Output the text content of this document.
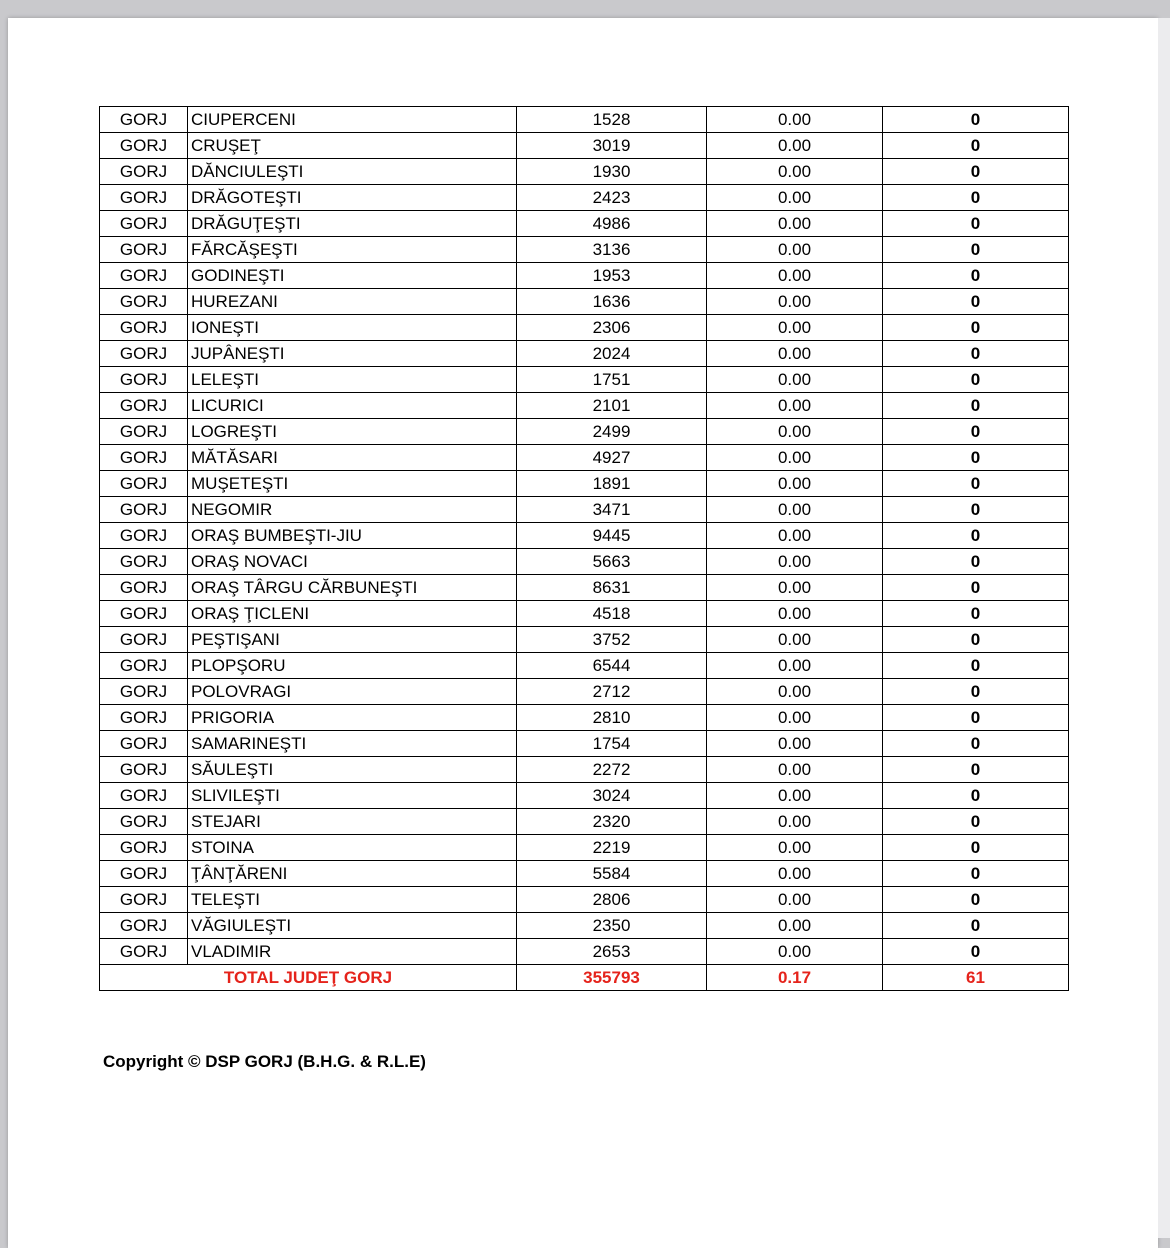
GORJ	CIUPERCENI	1528	0.00	0
GORJ	CRUŞEŢ	3019	0.00	0
GORJ	DĂNCIULEŞTI	1930	0.00	0
GORJ	DRĂGOTEŞTI	2423	0.00	0
GORJ	DRĂGUŢEŞTI	4986	0.00	0
GORJ	FĂRCĂŞEŞTI	3136	0.00	0
GORJ	GODINEŞTI	1953	0.00	0
GORJ	HUREZANI	1636	0.00	0
GORJ	IONEŞTI	2306	0.00	0
GORJ	JUPÂNEŞTI	2024	0.00	0
GORJ	LELEŞTI	1751	0.00	0
GORJ	LICURICI	2101	0.00	0
GORJ	LOGREŞTI	2499	0.00	0
GORJ	MĂTĂSARI	4927	0.00	0
GORJ	MUŞETEŞTI	1891	0.00	0
GORJ	NEGOMIR	3471	0.00	0
GORJ	ORAŞ BUMBEŞTI-JIU	9445	0.00	0
GORJ	ORAŞ NOVACI	5663	0.00	0
GORJ	ORAŞ TÂRGU CĂRBUNEŞTI	8631	0.00	0
GORJ	ORAŞ ŢICLENI	4518	0.00	0
GORJ	PEŞTIŞANI	3752	0.00	0
GORJ	PLOPŞORU	6544	0.00	0
GORJ	POLOVRAGI	2712	0.00	0
GORJ	PRIGORIA	2810	0.00	0
GORJ	SAMARINEŞTI	1754	0.00	0
GORJ	SĂULEŞTI	2272	0.00	0
GORJ	SLIVILEŞTI	3024	0.00	0
GORJ	STEJARI	2320	0.00	0
GORJ	STOINA	2219	0.00	0
GORJ	ŢÂNŢĂRENI	5584	0.00	0
GORJ	TELEŞTI	2806	0.00	0
GORJ	VĂGIULEŞTI	2350	0.00	0
GORJ	VLADIMIR	2653	0.00	0
TOTAL JUDEŢ GORJ		355793	0.17	61
Copyright © DSP GORJ (B.H.G. & R.L.E)
